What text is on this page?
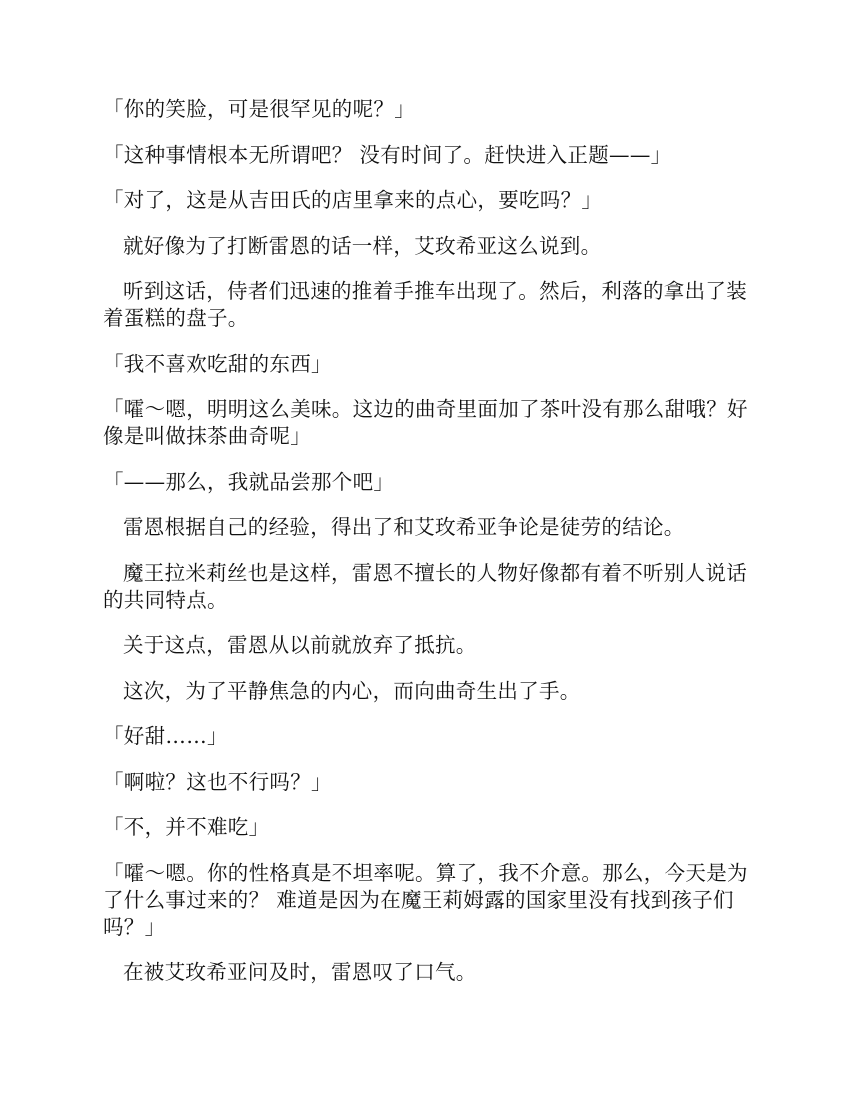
「你的笑脸，可是很罕见的呢？」

「这种事情根本无所谓吧？ 没有时间了。赶快进入正题——」

「对了，这是从吉田氏的店里拿来的点心，要吃吗？」

就好像为了打断雷恩的话一样，艾玫希亚这么说到。

听到这话，侍者们迅速的推着手推车出现了。然后，利落的拿出了装着蛋糕的盘子。

「我不喜欢吃甜的东西」

「嚯～嗯，明明这么美味。这边的曲奇里面加了茶叶没有那么甜哦？好像是叫做抹茶曲奇呢」

「——那么，我就品尝那个吧」

雷恩根据自己的经验，得出了和艾玫希亚争论是徒劳的结论。

魔王拉米莉丝也是这样，雷恩不擅长的人物好像都有着不听别人说话的共同特点。

关于这点，雷恩从以前就放弃了抵抗。

这次，为了平静焦急的内心，而向曲奇生出了手。

「好甜……」

「啊啦？这也不行吗？」

「不，并不难吃」

「嚯～嗯。你的性格真是不坦率呢。算了，我不介意。那么，今天是为了什么事过来的？ 难道是因为在魔王莉姆露的国家里没有找到孩子们吗？」

在被艾玫希亚问及时，雷恩叹了口气。
